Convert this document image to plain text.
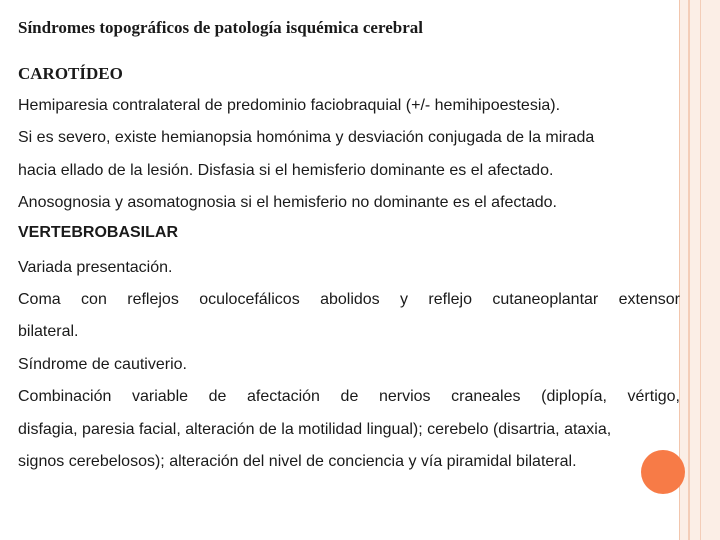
Síndromes topográficos de patología isquémica cerebral
CAROTÍDEO

Hemiparesia contralateral de predominio faciobraquial (+/- hemihipoestesia).

Si es severo, existe hemianopsia homónima y desviación conjugada de la mirada

hacia ellado de la lesión. Disfasia si el hemisferio dominante es el afectado.

Anosognosia y asomatognosia si el hemisferio no dominante es el afectado.

VERTEBROBASILAR

Variada presentación.

Coma con reflejos oculocefálicos abolidos y reflejo cutaneoplantar extensor

bilateral.

Síndrome de cautiverio.

Combinación variable de afectación de nervios craneales (diplopía, vértigo,

disfagia, paresia facial, alteración de la motilidad lingual); cerebelo (disartria, ataxia,

signos cerebelosos); alteración del nivel de conciencia y vía piramidal bilateral.
